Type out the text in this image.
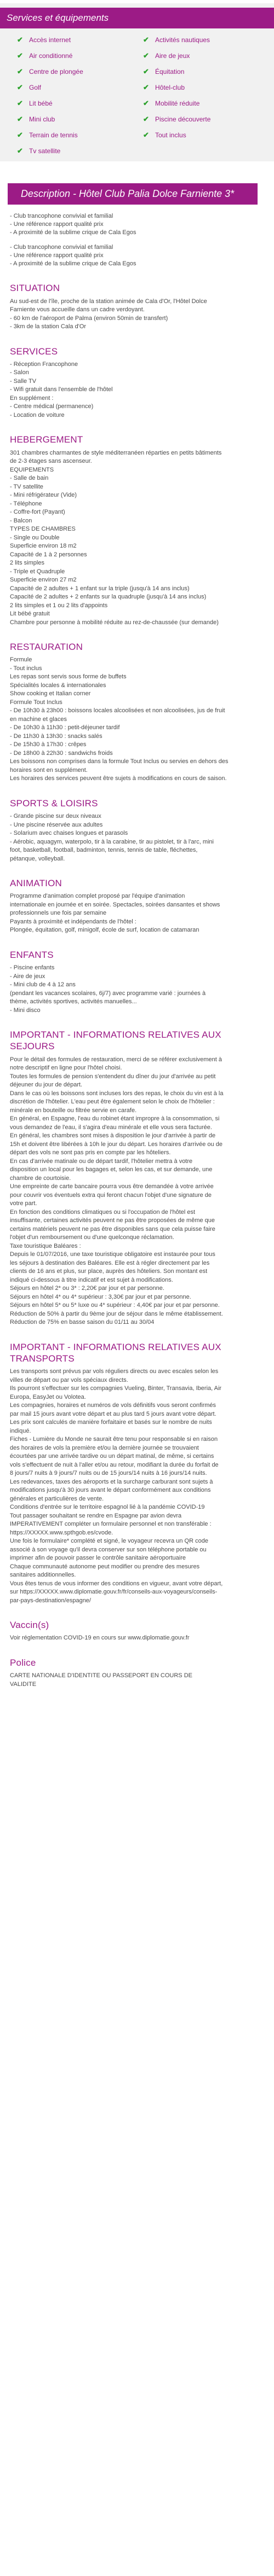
Services et équipements
✔ Accès internet	✔ Activités nautiques
✔ Air conditionné	✔ Aire de jeux
✔ Centre de plongée	✔ Équitation
✔ Golf	✔ Hôtel-club
✔ Lit bébé	✔ Mobilité réduite
✔ Mini club	✔ Piscine découverte
✔ Terrain de tennis	✔ Tout inclus
✔ Tv satellite
Description - Hôtel Club Palia Dolce Farniente 3*

- Club trancophone convivial et familial

- Une référence rapport qualité prix

- A proximité de la sublime crique de Cala Egos

- Club trancophone convivial et familial

- Une référence rapport qualité prix

- A proximité de la sublime crique de Cala Egos

SITUATION

Au sud-est de l'île, proche de la station animée de Cala d'Or, l'Hôtel Dolce

Farniente vous accueille dans un cadre verdoyant.

- 60 km de l'aéroport de Palma (environ 50min de transfert)

- 3km de la station Cala d'Or

SERVICES

- Réception Francophone

- Salon

- Salle TV

- Wifi gratuit dans l'ensemble de l'hôtel

En supplément :

- Centre médical (permanence)

- Location de voiture

HEBERGEMENT

301 chambres charmantes de style méditerranéen réparties en petits bâtiments

de 2-3 étages sans ascenseur.

EQUIPEMENTS

- Salle de bain

- TV satellite

- Mini réfrigérateur (Vide)

- Téléphone

- Coffre-fort (Payant)

- Balcon

TYPES DE CHAMBRES

- Single ou Double

Superficie environ 18 m2

Capacité de 1 à 2 personnes

2 lits simples

- Triple et Quadruple

Superficie environ 27 m2

Capacité de 2 adultes + 1 enfant sur la triple (jusqu'à 14 ans inclus)

Capacité de 2 adultes + 2 enfants sur la quadruple (jusqu'à 14 ans inclus)

2 lits simples et 1 ou 2 lits d'appoints

Lit bébé gratuit

Chambre pour personne à mobilité réduite au rez-de-chaussée (sur demande)

RESTAURATION

Formule

- Tout inclus

Les repas sont servis sous forme de buffets

Spécialités locales & internationales

Show cooking et Italian corner

Formule Tout Inclus

- De 10h30 à 23h00 : boissons locales alcoolisées et non alcoolisées, jus de fruit

en machine et glaces

- De 10h30 à 11h30 : petit-déjeuner tardif

- De 11h30 à 13h30 : snacks salés

- De 15h30 à 17h30 : crêpes

- De 18h00 à 22h30 : sandwichs froids

Les boissons non comprises dans la formule Tout Inclus ou servies en dehors des

horaires sont en supplément.

Les horaires des services peuvent être sujets à modifications en cours de saison.

SPORTS & LOISIRS

- Grande piscine sur deux niveaux

- Une piscine réservée aux adultes

- Solarium avec chaises longues et parasols

- Aérobic, aquagym, waterpolo, tir à la carabine, tir au pistolet, tir à l'arc, mini

foot, basketball, football, badminton, tennis, tennis de table, fléchettes,

pétanque, volleyball.

ANIMATION

Programme d'animation complet proposé par l'équipe d'animation

internationale en journée et en soirée. Spectacles, soirées dansantes et shows

professionnels une fois par semaine

Payants à proximité et indépendants de l'hôtel :

Plongée, équitation, golf, minigolf, école de surf, location de catamaran

ENFANTS

- Piscine enfants

- Aire de jeux

- Mini club de 4 à 12 ans

(pendant les vacances scolaires, 6j/7) avec programme varié : journées à

thème, activités sportives, activités manuelles...

- Mini disco

IMPORTANT - INFORMATIONS RELATIVES AUX SEJOURS

Pour le détail des formules de restauration, merci de se référer exclusivement à

notre descriptif en ligne pour l'hôtel choisi.

Toutes les formules de pension s'entendent du dîner du jour d'arrivée au petit

déjeuner du jour de départ.

Dans le cas où les boissons sont incluses lors des repas, le choix du vin est à la

discrétion de l'hôtelier. L'eau peut être également selon le choix de l'hôtelier :

minérale en bouteille ou filtrée servie en carafe.

En général, en Espagne, l'eau du robinet étant impropre à la consommation, si

vous demandez de l'eau, il s'agira d'eau minérale et elle vous sera facturée.

En général, les chambres sont mises à disposition le jour d'arrivée à partir de

15h et doivent être libérées à 10h le jour du départ. Les horaires d'arrivée ou de

départ des vols ne sont pas pris en compte par les hôteliers.

En cas d'arrivée matinale ou de départ tardif, l'hôtelier mettra à votre

disposition un local pour les bagages et, selon les cas, et sur demande, une

chambre de courtoisie.

Une empreinte de carte bancaire pourra vous être demandée à votre arrivée

pour couvrir vos éventuels extra qui feront chacun l'objet d'une signature de

votre part.

En fonction des conditions climatiques ou si l'occupation de l'hôtel est

insuffisante, certaines activités peuvent ne pas être proposées de même que

certains matériels peuvent ne pas être disponibles sans que cela puisse faire

l'objet d'un remboursement ou d'une quelconque réclamation.

Taxe touristique Baléares :

Depuis le 01/07/2016, une taxe touristique obligatoire est instaurée pour tous

les séjours à destination des Baléares. Elle est à régler directement par les

clients de 16 ans et plus, sur place, auprès des hôteliers. Son montant est

indiqué ci-dessous à titre indicatif et est sujet à modifications.

Séjours en hôtel 2* ou 3* : 2,20€ par jour et par personne.

Séjours en hôtel 4* ou 4* supérieur : 3,30€ par jour et par personne.

Séjours en hôtel 5* ou 5* luxe ou 4* supérieur : 4,40€ par jour et par personne.

Réduction de 50% à partir du 9ème jour de séjour dans le même établissement.

Réduction de 75% en basse saison du 01/11 au 30/04

IMPORTANT - INFORMATIONS RELATIVES AUX TRANSPORTS

Les transports sont prévus par vols réguliers directs ou avec escales selon les

villes de départ ou par vols spéciaux directs.

Ils pourront s'effectuer sur les compagnies Vueling, Binter, Transavia, Iberia, Air

Europa, EasyJet ou Volotea.

Les compagnies, horaires et numéros de vols définitifs vous seront confirmés

par mail 15 jours avant votre départ et au plus tard 5 jours avant votre départ.

Les prix sont calculés de manière forfaitaire et basés sur le nombre de nuits

indiqué.

Fiches - Lumière du Monde ne saurait être tenu pour responsable si en raison

des horaires de vols la première et/ou la dernière journée se trouvaient

écourtées par une arrivée tardive ou un départ matinal, de même, si certains

vols s'effectuent de nuit à l'aller et/ou au retour, modifiant la durée du forfait de

8 jours/7 nuits à 9 jours/7 nuits ou de 15 jours/14 nuits à 16 jours/14 nuits.

Les redevances, taxes des aéroports et la surcharge carburant sont sujets à

modifications jusqu'à 30 jours avant le départ conformément aux conditions

générales et particulières de vente.

Conditions d'entrée sur le territoire espagnol lié à la pandémie COVID-19

Tout passager souhaitant se rendre en Espagne par avion devra

IMPERATIVEMENT compléter un formulaire personnel et non transférable :

https://XXXXX.www.spthgob.es/cvode.

Une fois le formulaire* complété et signé, le voyageur recevra un QR code

associé à son voyage qu'il devra conserver sur son téléphone portable ou

imprimer afin de pouvoir passer le contrôle sanitaire aéroportuaire

Chaque communauté autonome peut modifier ou prendre des mesures

sanitaires additionnelles.

Vous êtes tenus de vous informer des conditions en vigueur, avant votre départ,

sur https://XXXXX.www.diplomatie.gouv.fr/fr/conseils-aux-voyageurs/conseils-

par-pays-destination/espagne/

Vaccin(s)

Voir réglementation COVID-19 en cours sur www.diplomatie.gouv.fr

Police

CARTE NATIONALE D'IDENTITE OU PASSEPORT EN COURS DE

VALIDITE
